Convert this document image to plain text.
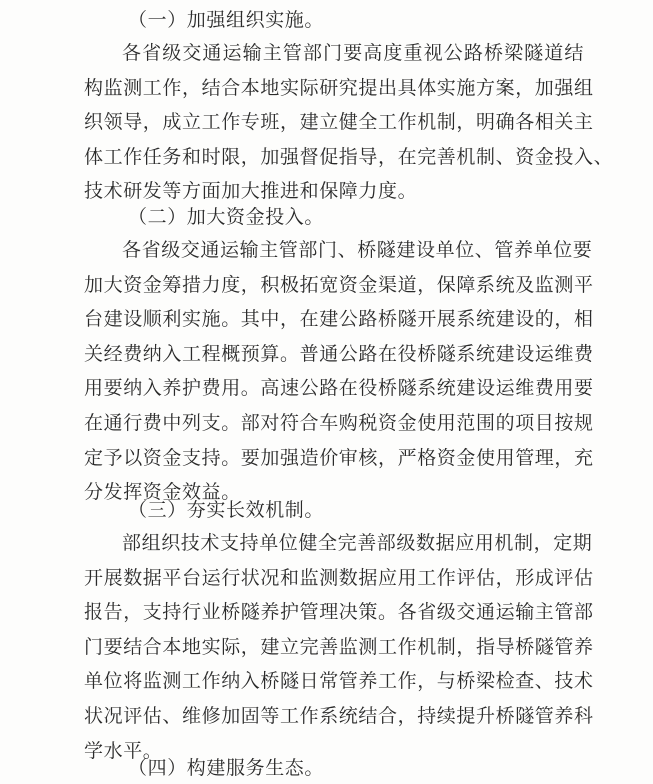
（一）加强组织实施。
各省级交通运输主管部门要高度重视公路桥梁隧道结
构监测工作，结合本地实际研究提出具体实施方案，加强组
织领导，成立工作专班，建立健全工作机制，明确各相关主
体工作任务和时限，加强督促指导，在完善机制、资金投入、
技术研发等方面加大推进和保障力度。
（二）加大资金投入。
各省级交通运输主管部门、桥隧建设单位、管养单位要
加大资金筹措力度，积极拓宽资金渠道，保障系统及监测平
台建设顺利实施。其中，在建公路桥隧开展系统建设的，相
关经费纳入工程概预算。普通公路在役桥隧系统建设运维费
用要纳入养护费用。高速公路在役桥隧系统建设运维费用要
在通行费中列支。部对符合车购税资金使用范围的项目按规
定予以资金支持。要加强造价审核，严格资金使用管理，充
分发挥资金效益。
（三）夯实长效机制。
部组织技术支持单位健全完善部级数据应用机制，定期
开展数据平台运行状况和监测数据应用工作评估，形成评估
报告，支持行业桥隧养护管理决策。各省级交通运输主管部
门要结合本地实际，建立完善监测工作机制，指导桥隧管养
单位将监测工作纳入桥隧日常管养工作，与桥梁检查、技术
状况评估、维修加固等工作系统结合，持续提升桥隧管养科
学水平。
（四）构建服务生态。
